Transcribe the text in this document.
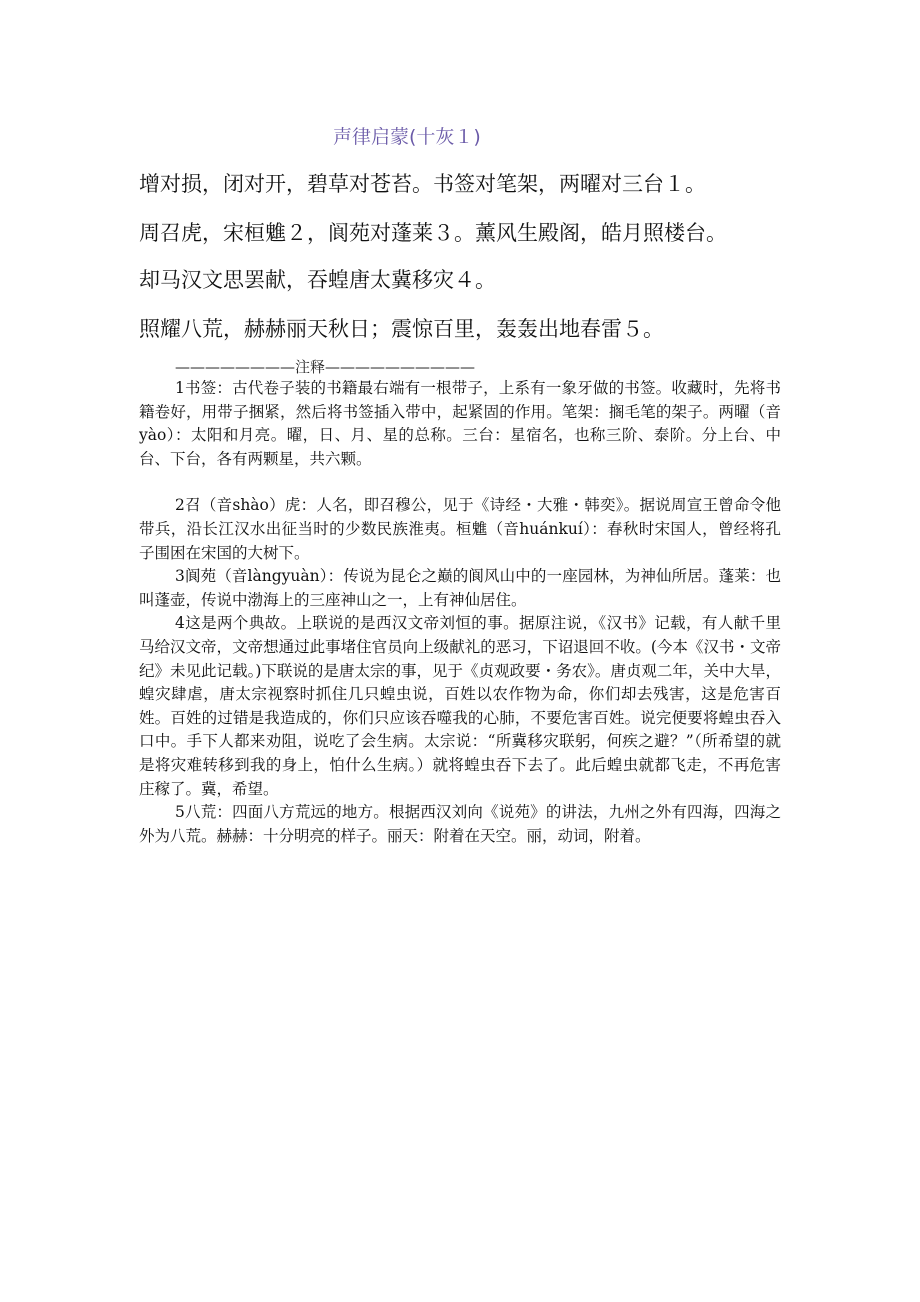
声律启蒙(十灰１)

增对损，闭对开，碧草对苍苔。书签对笔架，两曜对三台１。

周召虎，宋桓魋２，阆苑对蓬莱３。薰风生殿阁，皓月照楼台。

却马汉文思罢献，吞蝗唐太冀移灾４。

照耀八荒，赫赫丽天秋日；震惊百里，轰轰出地春雷５。

————————注释——————————

1书签：古代卷子装的书籍最右端有一根带子，上系有一象牙做的书签。收藏时，先将书籍卷好，用带子捆紧，然后将书签插入带中，起紧固的作用。笔架：搁毛笔的架子。两曜（音yào）：太阳和月亮。曜，日、月、星的总称。三台：星宿名，也称三阶、泰阶。分上台、中台、下台，各有两颗星，共六颗。

2召（音shào）虎：人名，即召穆公，见于《诗经・大雅・韩奕》。据说周宣王曾命令他带兵，沿长江汉水出征当时的少数民族淮夷。桓魋（音huánkuí）：春秋时宋国人，曾经将孔子围困在宋国的大树下。

3阆苑（音làngyuàn）：传说为昆仑之巅的阆风山中的一座园林，为神仙所居。蓬莱：也叫蓬壶，传说中渤海上的三座神山之一，上有神仙居住。

4这是两个典故。上联说的是西汉文帝刘恒的事。据原注说，《汉书》记载，有人献千里马给汉文帝，文帝想通过此事堵住官员向上级献礼的恶习，下诏退回不收。(今本《汉书・文帝纪》未见此记载。)下联说的是唐太宗的事，见于《贞观政要・务农》。唐贞观二年，关中大旱，蝗灾肆虐，唐太宗视察时抓住几只蝗虫说，百姓以农作物为命，你们却去残害，这是危害百姓。百姓的过错是我造成的，你们只应该吞噬我的心肺，不要危害百姓。说完便要将蝗虫吞入口中。手下人都来劝阻，说吃了会生病。太宗说：“所冀移灾联躬，何疾之避？”（所希望的就是将灾难转移到我的身上，怕什么生病。）就将蝗虫吞下去了。此后蝗虫就都飞走，不再危害庄稼了。冀，希望。

5八荒：四面八方荒远的地方。根据西汉刘向《说苑》的讲法，九州之外有四海，四海之外为八荒。赫赫：十分明亮的样子。丽天：附着在天空。丽，动词，附着。
